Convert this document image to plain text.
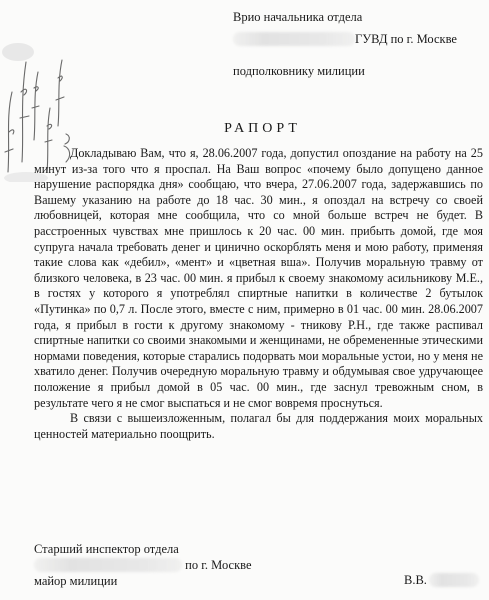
Врио начальника отдела
ГУВД по г. Москве
подполковнику милиции
РАПОРТ

Докладываю Вам, что я, 28.06.2007 года, допустил опоздание на работу на 25 минут из-за того что я проспал. На Ваш вопрос «почему было допущено данное нарушение распорядка дня» сообщаю, что вчера, 27.06.2007 года, задержавшись по Вашему указанию на работе до 18 час. 30 мин., я опоздал на встречу со своей любовницей, которая мне сообщила, что со мной больше встреч не будет. В расстроенных чувствах мне пришлось к 20 час. 00 мин. прибыть домой, где моя супруга начала требовать денег и цинично оскорблять меня и мою работу, применяя такие слова как «дебил», «мент» и «цветная вша». Получив моральную травму от близкого человека, в 23 час. 00 мин. я прибыл к своему знакомому асильникову М.Е., в гостях у которого я употреблял спиртные напитки в количестве 2 бутылок «Путинка» по 0,7 л. После этого, вместе с ним, примерно в 01 час. 00 мин. 28.06.2007 года, я прибыл в гости к другому знакомому - тникову Р.Н., где также распивал спиртные напитки со своими знакомыми и женщинами, не обремененные этическими нормами поведения, которые старались подорвать мои моральные устои, но у меня не хватило денег. Получив очередную моральную травму и обдумывая свое удручающее положение я прибыл домой в 05 час. 00 мин., где заснул тревожным сном, в результате чего я не смог выспаться и не смог вовремя проснуться.

В связи с вышеизложенным, полагал бы для поддержания моих моральных ценностей материально поощрить.

Старший инспектор отдела
по г. Москве
майор милиции	В.В.
